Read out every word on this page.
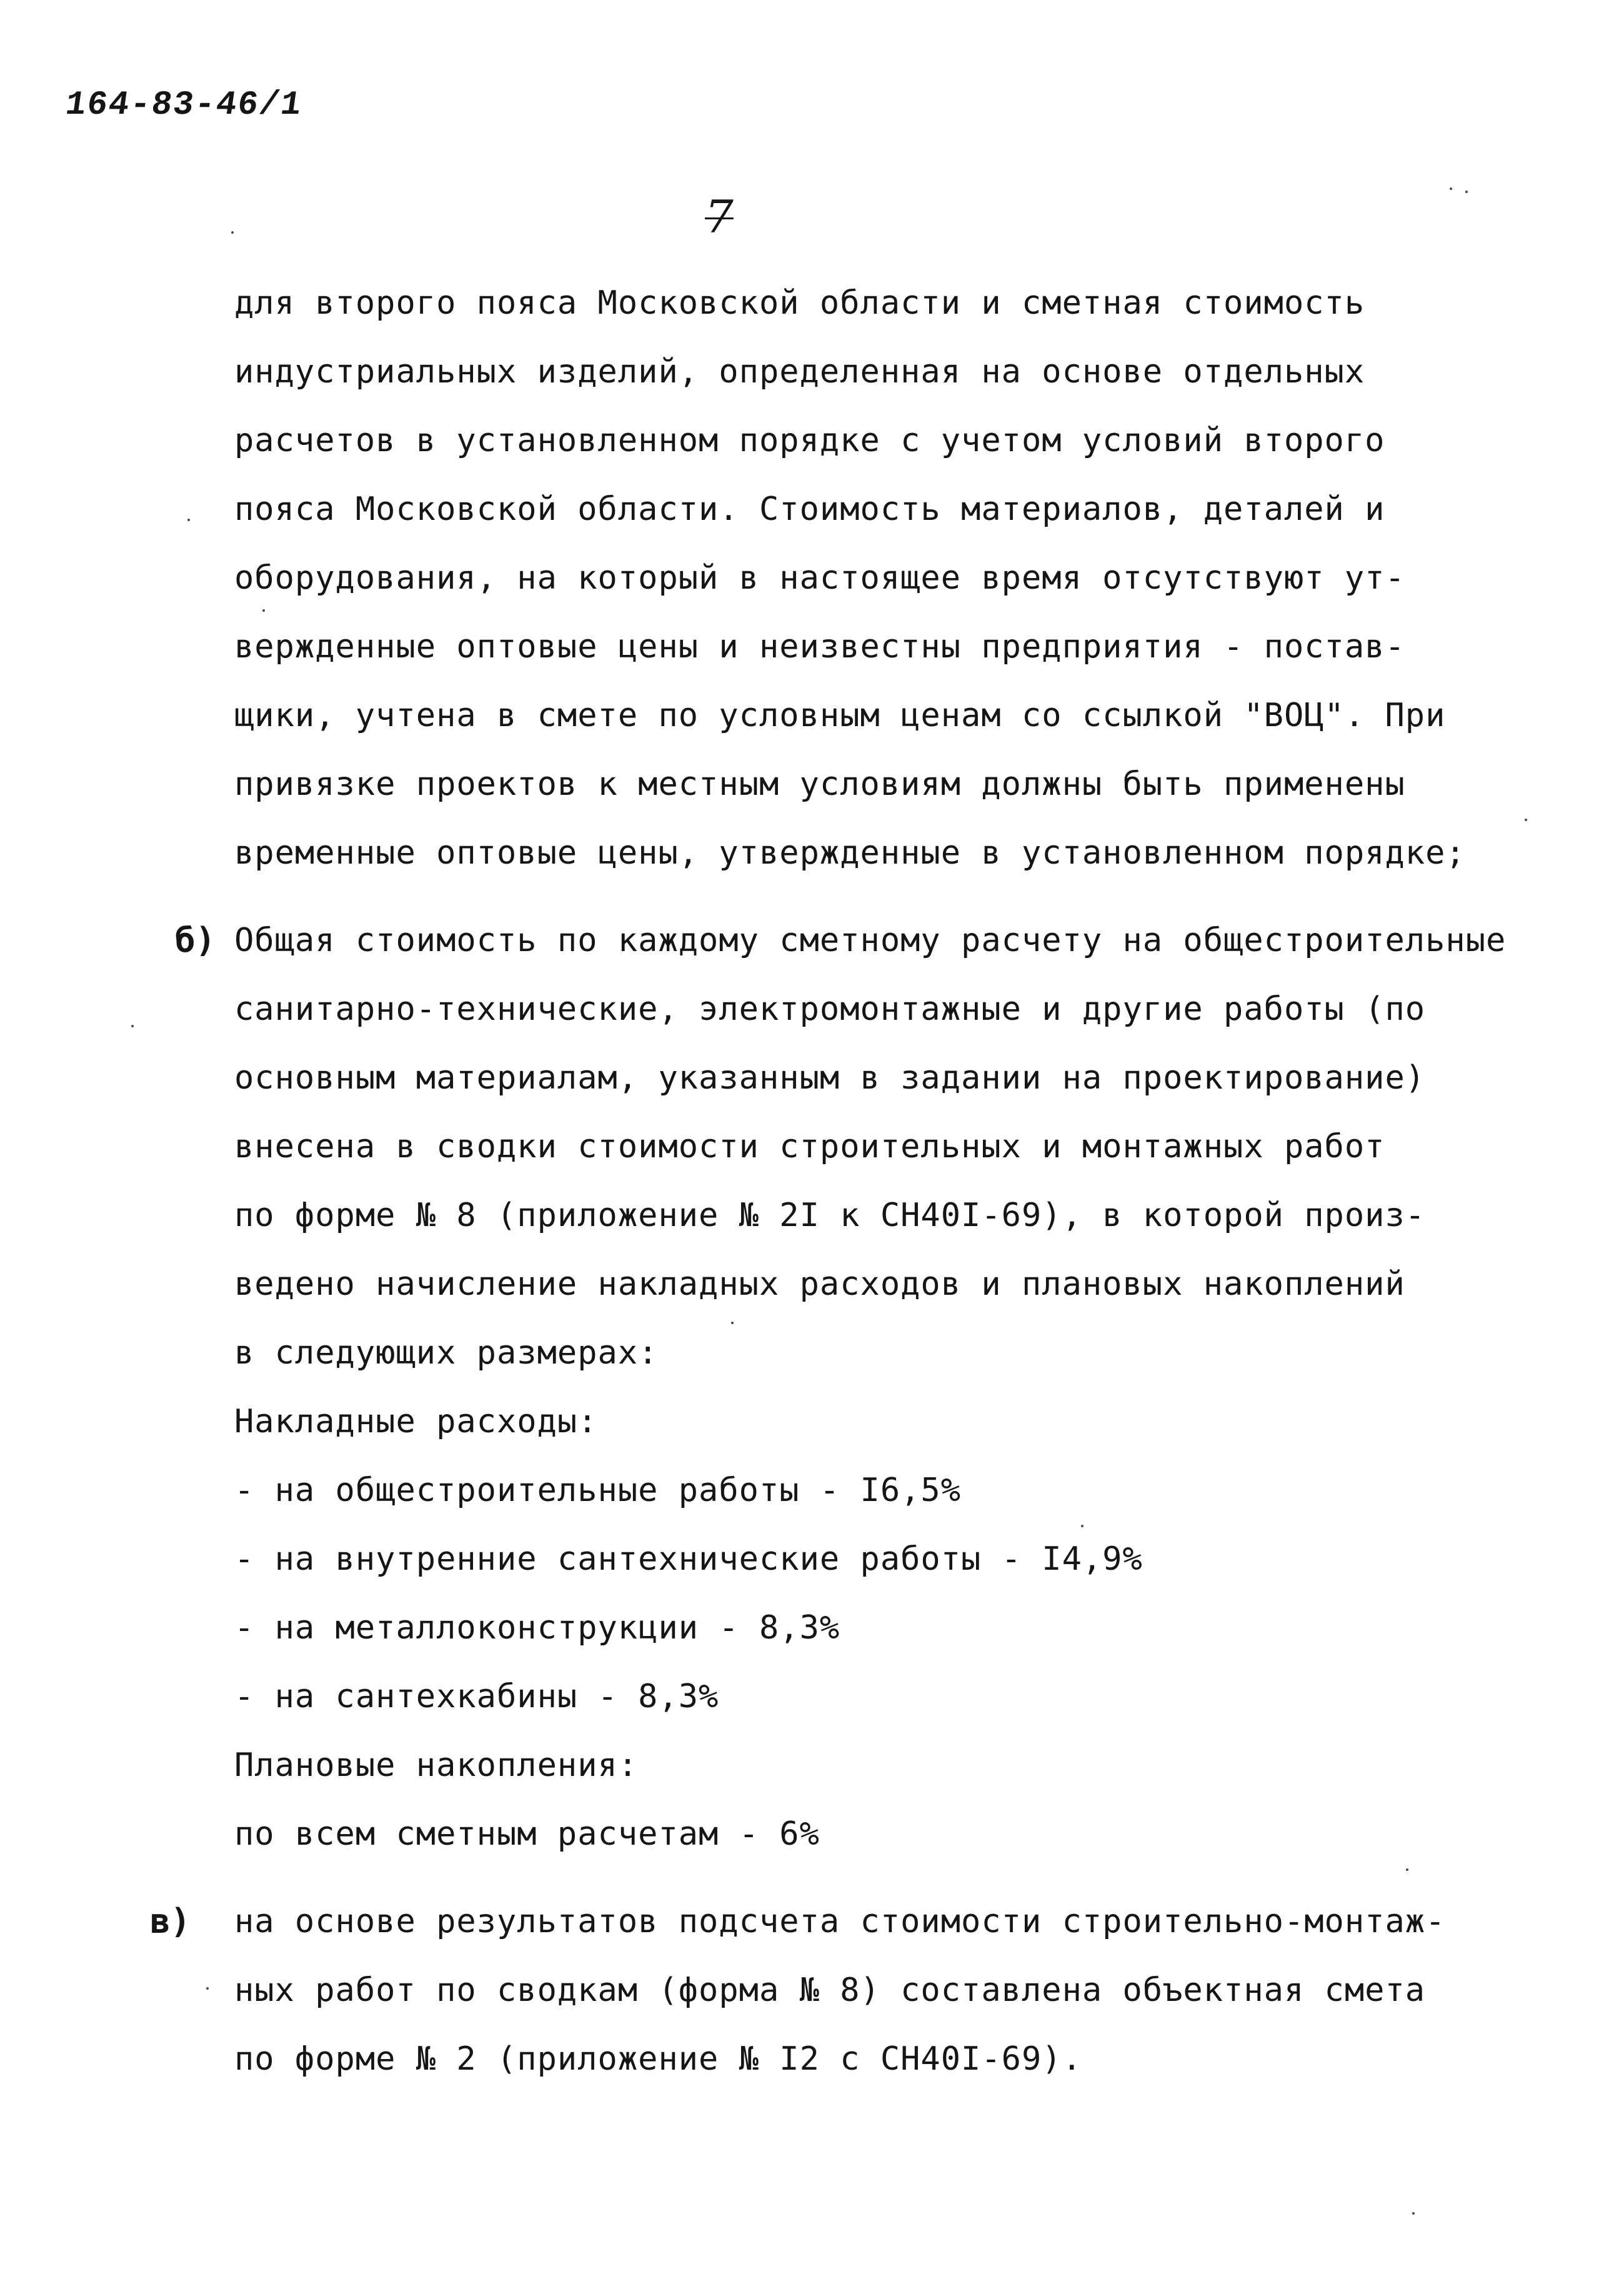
164-83-46/1
7
для второго пояса Московской области и сметная стоимость
индустриальных изделий, определенная на основе отдельных
расчетов в установленном порядке с учетом условий второго
пояса Московской области. Стоимость материалов, деталей и
оборудования, на который в настоящее время отсутствуют ут-
вержденные оптовые цены и неизвестны предприятия - постав-
щики, учтена в смете по условным ценам со ссылкой "ВОЦ". При
привязке проектов к местным условиям должны быть применены
временные оптовые цены, утвержденные в установленном порядке;
б) Общая стоимость по каждому сметному расчету на общестроительные
санитарно-технические, электромонтажные и другие работы (по
основным материалам, указанным в задании на проектирование)
внесена в сводки стоимости строительных и монтажных работ
по форме № 8 (приложение № 2I к СН40I-69), в которой произ-
ведено начисление накладных расходов и плановых накоплений
в следующих размерах:
Накладные расходы:
- на общестроительные работы - I6,5%
- на внутренние сантехнические работы - I4,9%
- на металлоконструкции - 8,3%
- на сантехкабины - 8,3%
Плановые накопления:
по всем сметным расчетам - 6%
в) на основе результатов подсчета стоимости строительно-монтаж-
ных работ по сводкам (форма № 8) составлена объектная смета
по форме № 2 (приложение № I2 с СН40I-69).
